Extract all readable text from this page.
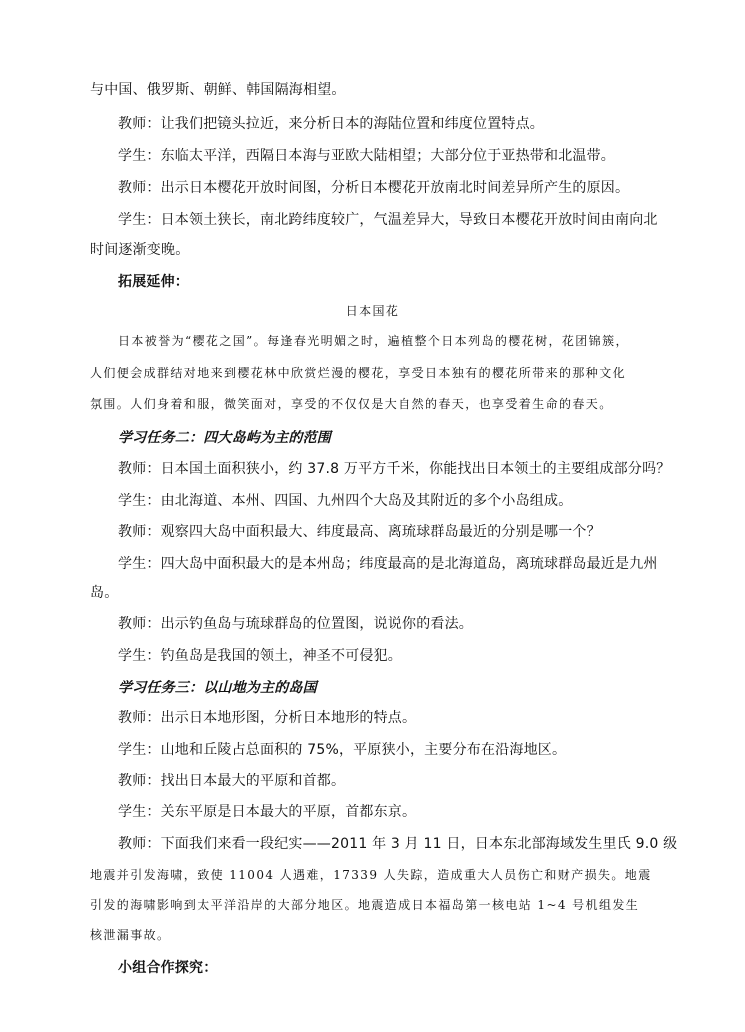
与中国、俄罗斯、朝鲜、韩国隔海相望。
教师：让我们把镜头拉近，来分析日本的海陆位置和纬度位置特点。
学生：东临太平洋，西隔日本海与亚欧大陆相望；大部分位于亚热带和北温带。
教师：出示日本樱花开放时间图，分析日本樱花开放南北时间差异所产生的原因。
学生：日本领土狭长，南北跨纬度较广，气温差异大，导致日本樱花开放时间由南向北
时间逐渐变晚。
拓展延伸：
日本国花
日本被誉为“樱花之国”。每逢春光明媚之时，遍植整个日本列岛的樱花树，花团锦簇，
人们便会成群结对地来到樱花林中欣赏烂漫的樱花，享受日本独有的樱花所带来的那种文化
氛围。人们身着和服，微笑面对，享受的不仅仅是大自然的春天，也享受着生命的春天。
学习任务二：四大岛屿为主的范围
教师：日本国土面积狭小，约 37.8 万平方千米，你能找出日本领土的主要组成部分吗？
学生：由北海道、本州、四国、九州四个大岛及其附近的多个小岛组成。
教师：观察四大岛中面积最大、纬度最高、离琉球群岛最近的分别是哪一个？
学生：四大岛中面积最大的是本州岛；纬度最高的是北海道岛，离琉球群岛最近是九州
岛。
教师：出示钓鱼岛与琉球群岛的位置图，说说你的看法。
学生：钓鱼岛是我国的领土，神圣不可侵犯。
学习任务三：以山地为主的岛国
教师：出示日本地形图，分析日本地形的特点。
学生：山地和丘陵占总面积的 75%，平原狭小，主要分布在沿海地区。
教师：找出日本最大的平原和首都。
学生：关东平原是日本最大的平原，首都东京。
教师：下面我们来看一段纪实——2011 年 3 月 11 日，日本东北部海域发生里氏 9.0 级
地震并引发海啸，致使 11004 人遇难，17339 人失踪，造成重大人员伤亡和财产损失。地震
引发的海啸影响到太平洋沿岸的大部分地区。地震造成日本福岛第一核电站 1~4 号机组发生
核泄漏事故。
小组合作探究：
